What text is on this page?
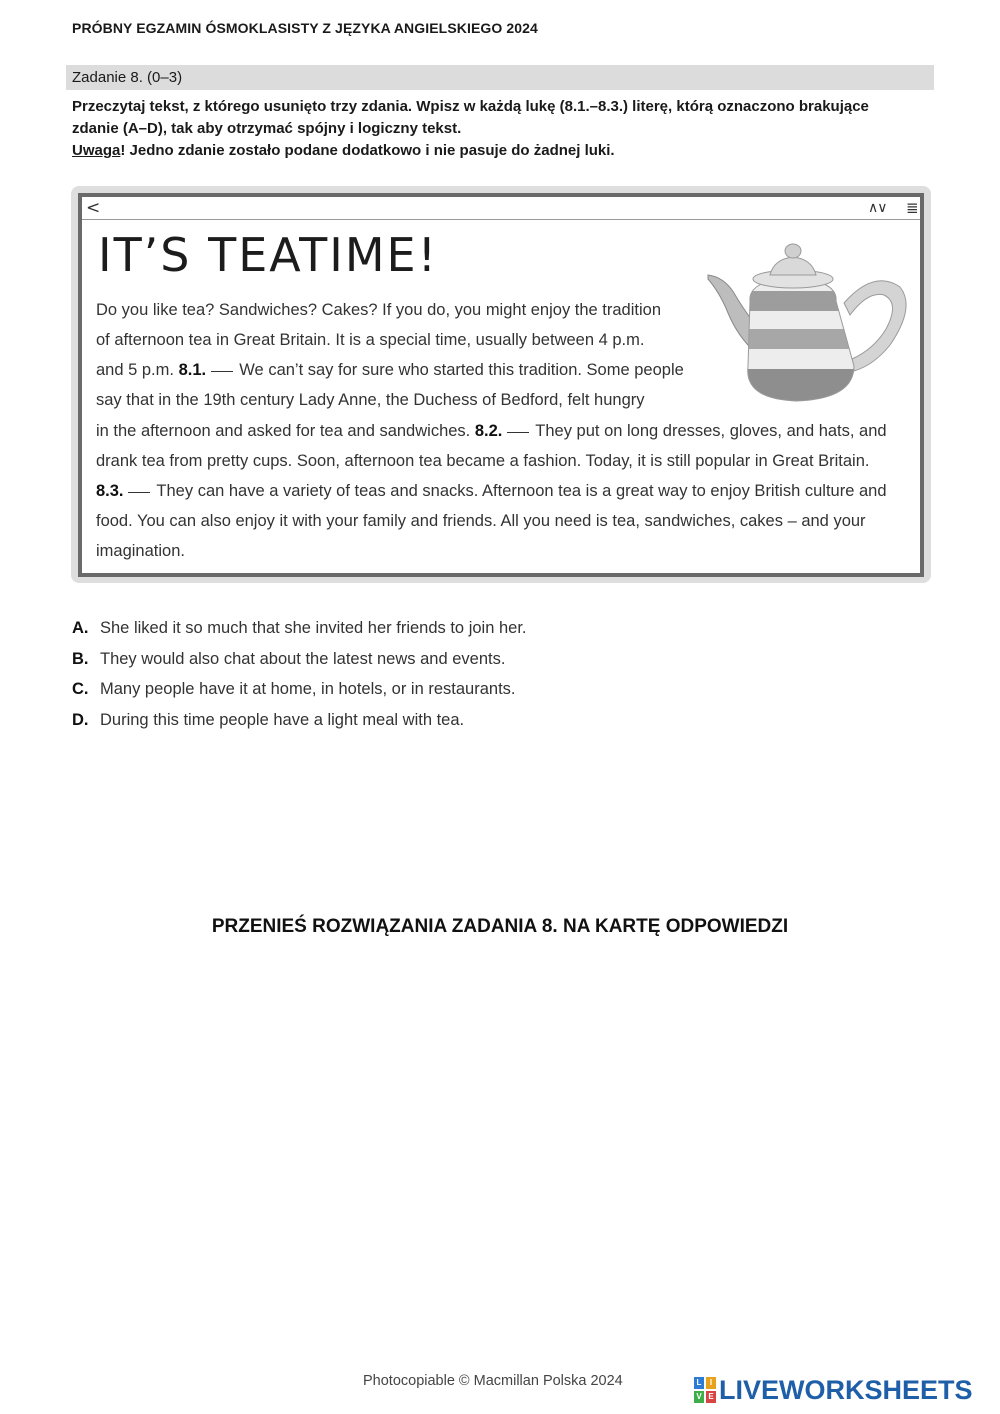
PRÓBNY EGZAMIN ÓSMOKLASISTY Z JĘZYKA ANGIELSKIEGO 2024
Zadanie 8. (0–3)
Przeczytaj tekst, z którego usunięto trzy zdania. Wpisz w każdą lukę (8.1.–8.3.) literę, którą oznaczono brakujące
zdanie (A–D), tak aby otrzymać spójny i logiczny tekst.
Uwaga! Jedno zdanie zostało podane dodatkowo i nie pasuje do żadnej luki.
<	∧∨ ≣
IT’S TEATIME!
Do you like tea? Sandwiches? Cakes? If you do, you might enjoy the tradition
of afternoon tea in Great Britain. It is a special time, usually between 4 p.m.
and 5 p.m. 8.1. We can’t say for sure who started this tradition. Some people
say that in the 19th century Lady Anne, the Duchess of Bedford, felt hungry
in the afternoon and asked for tea and sandwiches. 8.2. They put on long dresses, gloves, and hats, and
drank tea from pretty cups. Soon, afternoon tea became a fashion. Today, it is still popular in Great Britain.
8.3. They can have a variety of teas and snacks. Afternoon tea is a great way to enjoy British culture and
food. You can also enjoy it with your family and friends. All you need is tea, sandwiches, cakes – and your
imagination.
A. She liked it so much that she invited her friends to join her.
B. They would also chat about the latest news and events.
C. Many people have it at home, in hotels, or in restaurants.
D. During this time people have a light meal with tea.
PRZENIEŚ ROZWIĄZANIA ZADANIA 8. NA KARTĘ ODPOWIEDZI
Photocopiable © Macmillan Polska 2024	L	I
V E LIVEWORKSHEETS
